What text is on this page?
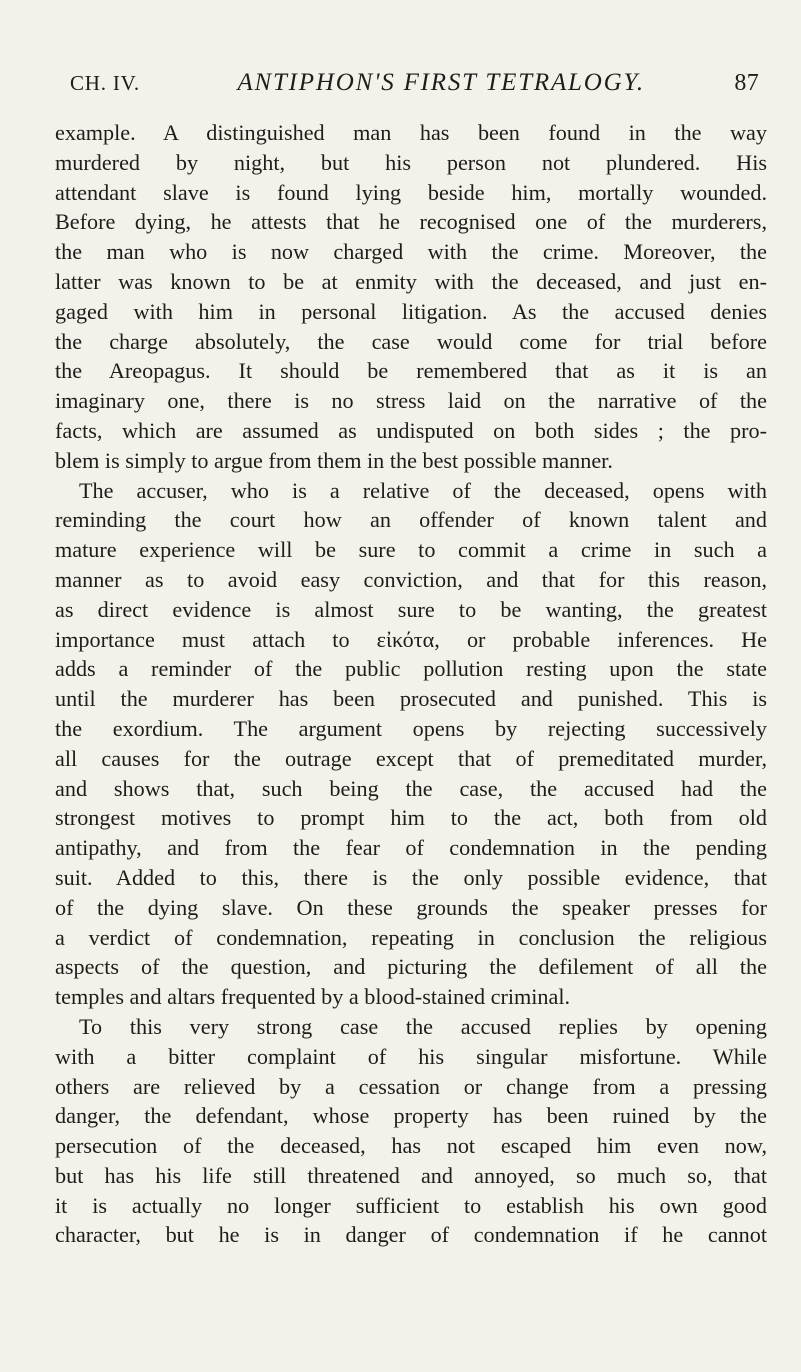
CH. IV.	ANTIPHON'S FIRST TETRALOGY.	87
example. A distinguished man has been found in the way
murdered by night, but his person not plundered. His
attendant slave is found lying beside him, mortally wounded.
Before dying, he attests that he recognised one of the murderers,
the man who is now charged with the crime. Moreover, the
latter was known to be at enmity with the deceased, and just en-
gaged with him in personal litigation. As the accused denies
the charge absolutely, the case would come for trial before
the Areopagus. It should be remembered that as it is an
imaginary one, there is no stress laid on the narrative of the
facts, which are assumed as undisputed on both sides ; the pro-
blem is simply to argue from them in the best possible manner.
The accuser, who is a relative of the deceased, opens with
reminding the court how an offender of known talent and
mature experience will be sure to commit a crime in such a
manner as to avoid easy conviction, and that for this reason,
as direct evidence is almost sure to be wanting, the greatest
importance must attach to εἰκότα, or probable inferences. He
adds a reminder of the public pollution resting upon the state
until the murderer has been prosecuted and punished. This is
the exordium. The argument opens by rejecting successively
all causes for the outrage except that of premeditated murder,
and shows that, such being the case, the accused had the
strongest motives to prompt him to the act, both from old
antipathy, and from the fear of condemnation in the pending
suit. Added to this, there is the only possible evidence, that
of the dying slave. On these grounds the speaker presses for
a verdict of condemnation, repeating in conclusion the religious
aspects of the question, and picturing the defilement of all the
temples and altars frequented by a blood-stained criminal.
To this very strong case the accused replies by opening
with a bitter complaint of his singular misfortune. While
others are relieved by a cessation or change from a pressing
danger, the defendant, whose property has been ruined by the
persecution of the deceased, has not escaped him even now,
but has his life still threatened and annoyed, so much so, that
it is actually no longer sufficient to establish his own good
character, but he is in danger of condemnation if he cannot
